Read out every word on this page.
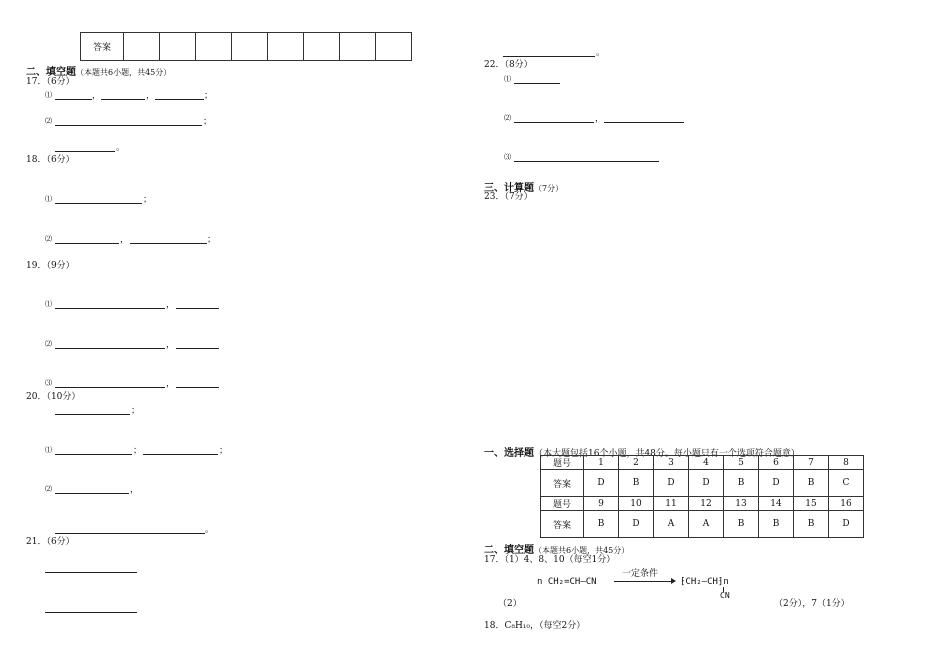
答案								
二、填空题（本题共6小题，共45分）
17．（6分）
⑴	，	，	；
⑵	；
。
18．（6分）
⑴	；
⑵	，	；
19．（9分）
⑴	，
⑵	，
⑶	，
20．（10分）
；
⑴	；	；
⑵	，
。
21．（6分）
。
22．（8分）
⑴
⑵	，
⑶
三、计算题（7分）
23．（7分）
一、选择题（本大题包括16个小题，共48分。每小题只有一个选项符合题意）
题号	1	2	3	4	5	6	7	8
答案	D	B	D	D	B	D	B	C
题号	9	10	11	12	13	14	15	16
答案	B	D	A	A	B	B	B	D
二、填空题（本题共6小题，共45分）
17．（1）4、8、10（每空1分）
n CH₂=CH—CN
一定条件
⁅CH₂—CH⁆n
CN
（2）	（2分），7（1分）
18．C₈H₁₀，（每空2分）
